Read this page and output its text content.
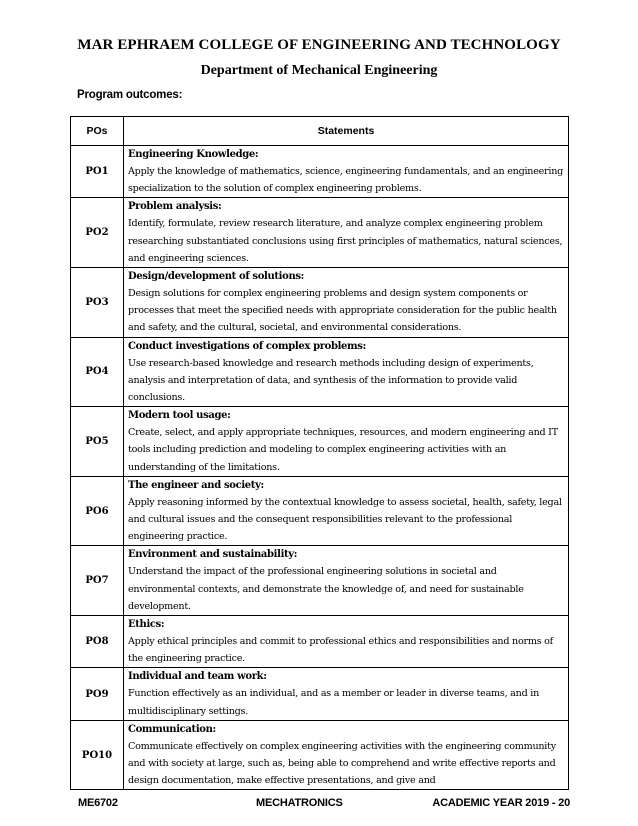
MAR EPHRAEM COLLEGE OF ENGINEERING AND TECHNOLOGY
Department of Mechanical Engineering
Program outcomes:
POs	Statements
PO1	Engineering Knowledge:
Apply the knowledge of mathematics, science, engineering fundamentals, and an engineering specialization to the solution of complex engineering problems.

PO2	Problem analysis:
Identify, formulate, review research literature, and analyze complex engineering problem researching substantiated conclusions using first principles of mathematics, natural sciences, and engineering sciences.

PO3	Design/development of solutions:
Design solutions for complex engineering problems and design system components or processes that meet the specified needs with appropriate consideration for the public health and safety, and the cultural, societal, and environmental considerations.

PO4	Conduct investigations of complex problems:
Use research-based knowledge and research methods including design of experiments, analysis and interpretation of data, and synthesis of the information to provide valid conclusions.

PO5	Modern tool usage:
Create, select, and apply appropriate techniques, resources, and modern engineering and IT tools including prediction and modeling to complex engineering activities with an understanding of the limitations.

PO6	The engineer and society:
Apply reasoning informed by the contextual knowledge to assess societal, health, safety, legal and cultural issues and the consequent responsibilities relevant to the professional engineering practice.

PO7	Environment and sustainability:
Understand the impact of the professional engineering solutions in societal and environmental contexts, and demonstrate the knowledge of, and need for sustainable development.

PO8	Ethics:
Apply ethical principles and commit to professional ethics and responsibilities and norms of the engineering practice.

PO9	Individual and team work:
Function effectively as an individual, and as a member or leader in diverse teams, and in multidisciplinary settings.

PO10	Communication:
Communicate effectively on complex engineering activities with the engineering community and with society at large, such as, being able to comprehend and write effective reports and design documentation, make effective presentations, and give and
ME6702	MECHATRONICS	ACADEMIC YEAR 2019 - 20
